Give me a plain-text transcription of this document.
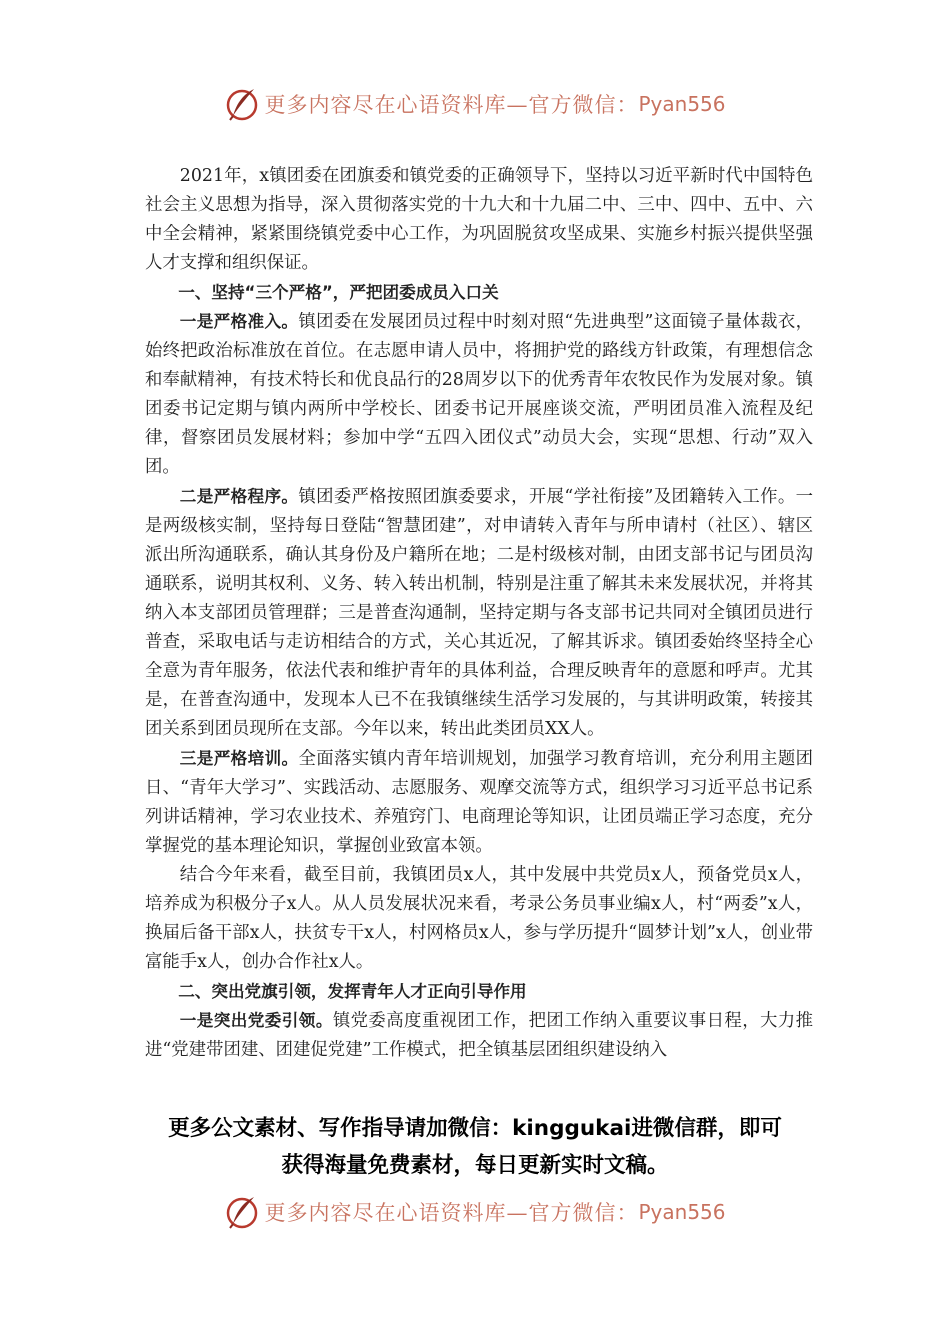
更多内容尽在心语资料库—官方微信： Pyan556

2021年，x镇团委在团旗委和镇党委的正确领导下，坚持以习近平新时代中国特色社会主义思想为指导，深入贯彻落实党的十九大和十九届二中、三中、四中、五中、六中全会精神，紧紧围绕镇党委中心工作，为巩固脱贫攻坚成果、实施乡村振兴提供坚强人才支撑和组织保证。

一、坚持“三个严格”，严把团委成员入口关

一是严格准入。镇团委在发展团员过程中时刻对照“先进典型”这面镜子量体裁衣，始终把政治标准放在首位。在志愿申请人员中，将拥护党的路线方针政策，有理想信念和奉献精神，有技术特长和优良品行的28周岁以下的优秀青年农牧民作为发展对象。镇团委书记定期与镇内两所中学校长、团委书记开展座谈交流，严明团员准入流程及纪律，督察团员发展材料；参加中学“五四入团仪式”动员大会，实现“思想、行动”双入团。

二是严格程序。镇团委严格按照团旗委要求，开展“学社衔接”及团籍转入工作。一是两级核实制，坚持每日登陆“智慧团建”，对申请转入青年与所申请村（社区）、辖区派出所沟通联系，确认其身份及户籍所在地；二是村级核对制，由团支部书记与团员沟通联系，说明其权利、义务、转入转出机制，特别是注重了解其未来发展状况，并将其纳入本支部团员管理群；三是普查沟通制，坚持定期与各支部书记共同对全镇团员进行普查，采取电话与走访相结合的方式，关心其近况，了解其诉求。镇团委始终坚持全心全意为青年服务，依法代表和维护青年的具体利益，合理反映青年的意愿和呼声。尤其是，在普查沟通中，发现本人已不在我镇继续生活学习发展的，与其讲明政策，转接其团关系到团员现所在支部。今年以来，转出此类团员XX人。

三是严格培训。全面落实镇内青年培训规划，加强学习教育培训，充分利用主题团日、“青年大学习”、实践活动、志愿服务、观摩交流等方式，组织学习习近平总书记系列讲话精神，学习农业技术、养殖窍门、电商理论等知识，让团员端正学习态度，充分掌握党的基本理论知识，掌握创业致富本领。

结合今年来看，截至目前，我镇团员x人，其中发展中共党员x人，预备党员x人，培养成为积极分子x人。从人员发展状况来看，考录公务员事业编x人，村“两委”x人，换届后备干部x人，扶贫专干x人，村网格员x人，参与学历提升“圆梦计划”x人，创业带富能手x人，创办合作社x人。

二、突出党旗引领，发挥青年人才正向引导作用

一是突出党委引领。镇党委高度重视团工作，把团工作纳入重要议事日程，大力推进“党建带团建、团建促党建”工作模式，把全镇基层团组织建设纳入

更多公文素材、写作指导请加微信：kinggukai进微信群，即可
获得海量免费素材，每日更新实时文稿。
更多内容尽在心语资料库—官方微信： Pyan556
